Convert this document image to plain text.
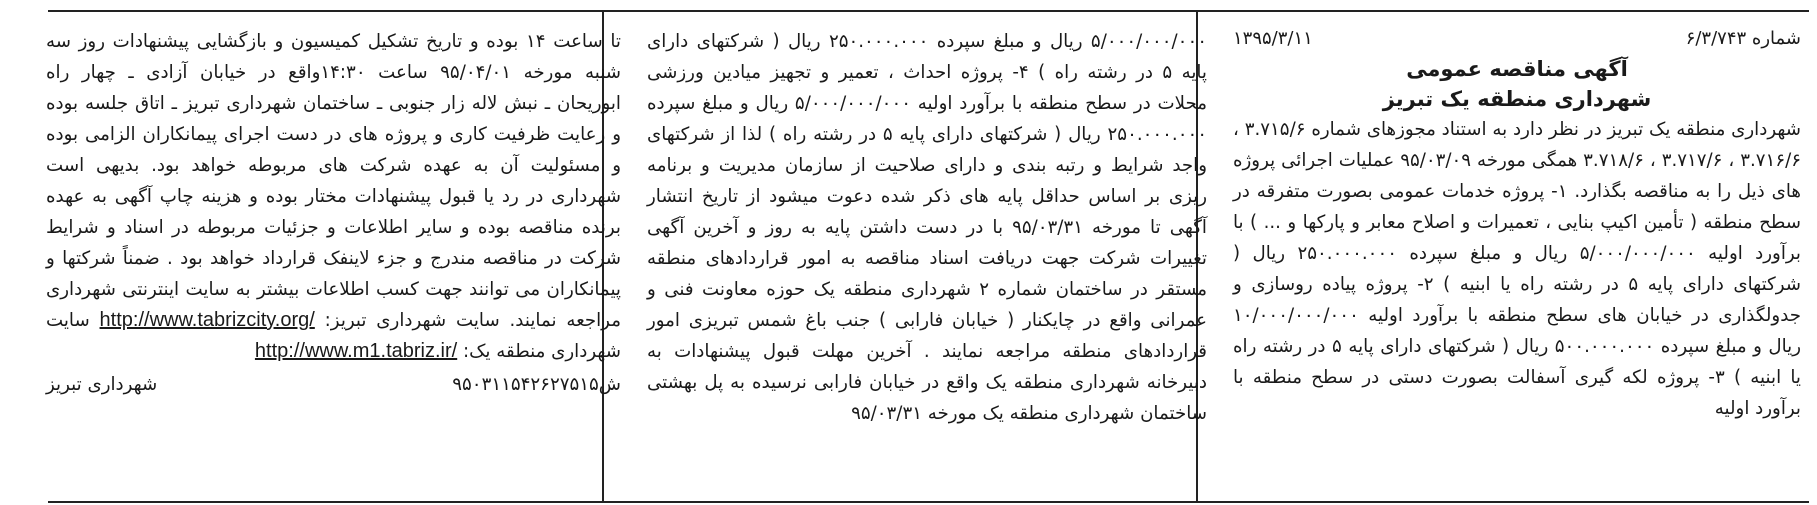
شماره ۶/۳/۷۴۳
۱۳۹۵/۳/۱۱
آگهی مناقصه عمومی
شهرداری منطقه یک تبریز

شهرداری منطقه یک تبریز در نظر دارد به استناد مجوزهای شماره ۳.۷۱۵/۶ ، ۳.۷۱۶/۶ ، ۳.۷۱۷/۶ ، ۳.۷۱۸/۶ همگی مورخه ۹۵/۰۳/۰۹ عملیات اجرائی پروژه های ذیل را به مناقصه بگذارد. ۱- پروژه خدمات عمومی بصورت متفرقه در سطح منطقه ( تأمین اکیپ بنایی ، تعمیرات و اصلاح معابر و پارکها و ... ) با برآورد اولیه ۵/۰۰۰/۰۰۰/۰۰۰ ریال و مبلغ سپرده ۲۵۰.۰۰۰.۰۰۰ ریال ( شرکتهای دارای پایه ۵ در رشته راه یا ابنیه ) ۲- پروژه پیاده روسازی و جدولگذاری در خیابان های سطح منطقه با برآورد اولیه ۱۰/۰۰۰/۰۰۰/۰۰۰ ریال و مبلغ سپرده ۵۰۰.۰۰۰.۰۰۰ ریال ( شرکتهای دارای پایه ۵ در رشته راه یا ابنیه ) ۳- پروژه لکه گیری آسفالت بصورت دستی در سطح منطقه با برآورد اولیه

۵/۰۰۰/۰۰۰/۰۰۰ ریال و مبلغ سپرده ۲۵۰.۰۰۰.۰۰۰ ریال ( شرکتهای دارای پایه ۵ در رشته راه ) ۴- پروژه احداث ، تعمیر و تجهیز میادین ورزشی محلات در سطح منطقه با برآورد اولیه ۵/۰۰۰/۰۰۰/۰۰۰ ریال و مبلغ سپرده ۲۵۰.۰۰۰.۰۰۰ ریال ( شرکتهای دارای پایه ۵ در رشته راه ) لذا از شرکتهای واجد شرایط و رتبه بندی و دارای صلاحیت از سازمان مدیریت و برنامه ریزی بر اساس حداقل پایه های ذکر شده دعوت میشود از تاریخ انتشار آگهی تا مورخه ۹۵/۰۳/۳۱ با در دست داشتن پایه به روز و آخرین آگهی تغییرات شرکت جهت دریافت اسناد مناقصه به امور قراردادهای منطقه مستقر در ساختمان شماره ۲ شهرداری منطقه یک حوزه معاونت فنی و عمرانی واقع در چایکنار ( خیابان فارابی ) جنب باغ شمس تبریزی امور قراردادهای منطقه مراجعه نمایند . آخرین مهلت قبول پیشنهادات به دبیرخانه شهرداری منطقه یک واقع در خیابان فارابی نرسیده به پل بهشتی ساختمان شهرداری منطقه یک مورخه ۹۵/۰۳/۳۱

تا ساعت ۱۴ بوده و تاریخ تشکیل کمیسیون و بازگشایی پیشنهادات روز سه شنبه مورخه ۹۵/۰۴/۰۱ ساعت ۱۴:۳۰واقع در خیابان آزادی ـ چهار راه ابوریحان ـ نبش لاله زار جنوبی ـ ساختمان شهرداری تبریز ـ اتاق جلسه بوده و رعایت ظرفیت کاری و پروژه های در دست اجرای پیمانکاران الزامی بوده و مسئولیت آن به عهده شرکت های مربوطه خواهد بود. بدیهی است شهرداری در رد یا قبول پیشنهادات مختار بوده و هزینه چاپ آگهی به عهده برنده مناقصه بوده و سایر اطلاعات و جزئیات مربوطه در اسناد و شرایط شرکت در مناقصه مندرج و جزء لاینفک قرارداد خواهد بود . ضمناً شرکتها و پیمانکاران می توانند جهت کسب اطلاعات بیشتر به سایت اینترنتی شهرداری مراجعه نمایند. سایت شهرداری تبریز: http://www.tabrizcity.org/ سایت شهرداری منطقه یک: http://www.m1.tabriz.ir/

ش۹۵۰۳۱۱۵۴۲۶۲۷۵۱۵
شهرداری تبریز
